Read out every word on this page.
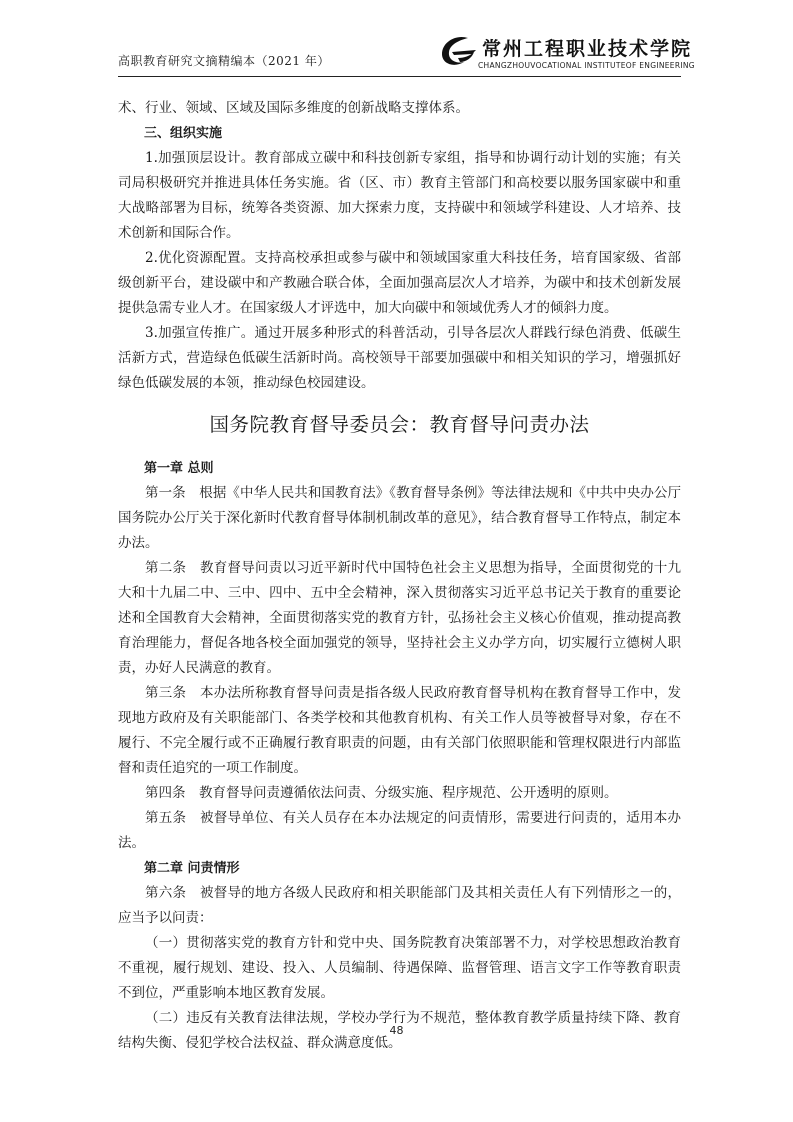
高职教育研究文摘精编本（2021 年）
常州工程职业技术学院
CHANGZHOUVOCATIONAL INSTITUTEOF ENGINEERING

术、行业、领域、区域及国际多维度的创新战略支撑体系。

三、组织实施

1.加强顶层设计。教育部成立碳中和科技创新专家组，指导和协调行动计划的实施；有关司局积极研究并推进具体任务实施。省（区、市）教育主管部门和高校要以服务国家碳中和重大战略部署为目标，统筹各类资源、加大探索力度，支持碳中和领域学科建设、人才培养、技术创新和国际合作。

2.优化资源配置。支持高校承担或参与碳中和领域国家重大科技任务，培育国家级、省部级创新平台，建设碳中和产教融合联合体，全面加强高层次人才培养，为碳中和技术创新发展提供急需专业人才。在国家级人才评选中，加大向碳中和领域优秀人才的倾斜力度。

3.加强宣传推广。通过开展多种形式的科普活动，引导各层次人群践行绿色消费、低碳生活新方式，营造绿色低碳生活新时尚。高校领导干部要加强碳中和相关知识的学习，增强抓好绿色低碳发展的本领，推动绿色校园建设。

国务院教育督导委员会：教育督导问责办法
第一章 总则

第一条　根据《中华人民共和国教育法》《教育督导条例》等法律法规和《中共中央办公厅 国务院办公厅关于深化新时代教育督导体制机制改革的意见》，结合教育督导工作特点，制定本办法。

第二条　教育督导问责以习近平新时代中国特色社会主义思想为指导，全面贯彻党的十九大和十九届二中、三中、四中、五中全会精神，深入贯彻落实习近平总书记关于教育的重要论述和全国教育大会精神，全面贯彻落实党的教育方针，弘扬社会主义核心价值观，推动提高教育治理能力，督促各地各校全面加强党的领导，坚持社会主义办学方向，切实履行立德树人职责，办好人民满意的教育。

第三条　本办法所称教育督导问责是指各级人民政府教育督导机构在教育督导工作中，发现地方政府及有关职能部门、各类学校和其他教育机构、有关工作人员等被督导对象，存在不履行、不完全履行或不正确履行教育职责的问题，由有关部门依照职能和管理权限进行内部监督和责任追究的一项工作制度。

第四条　教育督导问责遵循依法问责、分级实施、程序规范、公开透明的原则。

第五条　被督导单位、有关人员存在本办法规定的问责情形，需要进行问责的，适用本办法。

第二章 问责情形

第六条　被督导的地方各级人民政府和相关职能部门及其相关责任人有下列情形之一的，应当予以问责：

（一）贯彻落实党的教育方针和党中央、国务院教育决策部署不力，对学校思想政治教育不重视，履行规划、建设、投入、人员编制、待遇保障、监督管理、语言文字工作等教育职责不到位，严重影响本地区教育发展。

（二）违反有关教育法律法规，学校办学行为不规范，整体教育教学质量持续下降、教育结构失衡、侵犯学校合法权益、群众满意度低。

48
